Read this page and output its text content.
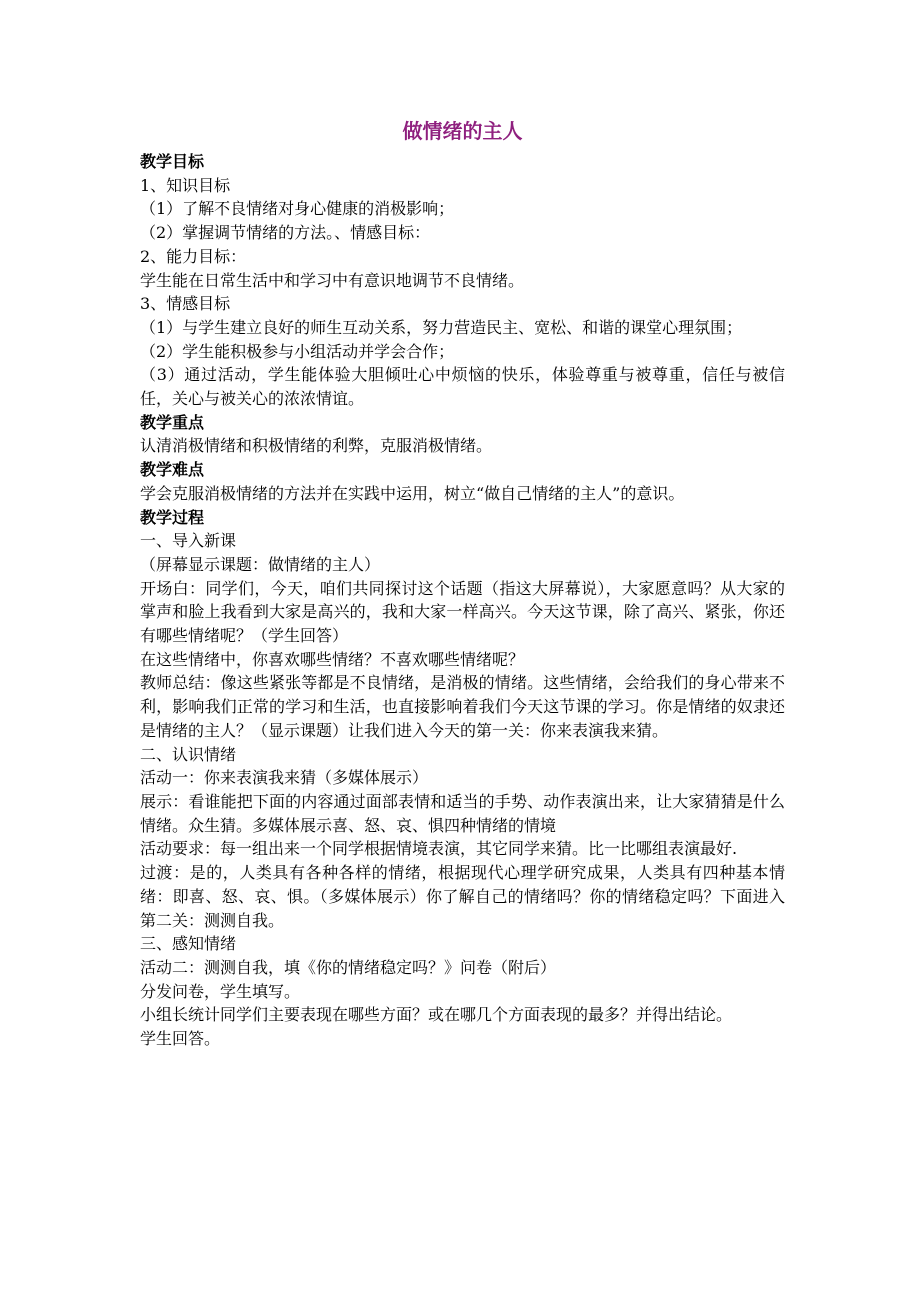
做情绪的主人

教学目标

1、知识目标

（1）了解不良情绪对身心健康的消极影响；

（2）掌握调节情绪的方法。、情感目标：

2、能力目标：

学生能在日常生活中和学习中有意识地调节不良情绪。

3、情感目标

（1）与学生建立良好的师生互动关系，努力营造民主、宽松、和谐的课堂心理氛围；

（2）学生能积极参与小组活动并学会合作；

（3）通过活动，学生能体验大胆倾吐心中烦恼的快乐，体验尊重与被尊重，信任与被信任，关心与被关心的浓浓情谊。

教学重点

认清消极情绪和积极情绪的利弊，克服消极情绪。

教学难点

学会克服消极情绪的方法并在实践中运用，树立“做自己情绪的主人”的意识。

教学过程

一、导入新课

（屏幕显示课题：做情绪的主人）

开场白：同学们，今天，咱们共同探讨这个话题（指这大屏幕说），大家愿意吗？从大家的掌声和脸上我看到大家是高兴的，我和大家一样高兴。今天这节课，除了高兴、紧张，你还有哪些情绪呢？（学生回答）

在这些情绪中，你喜欢哪些情绪？不喜欢哪些情绪呢？

教师总结：像这些紧张等都是不良情绪，是消极的情绪。这些情绪，会给我们的身心带来不利，影响我们正常的学习和生活，也直接影响着我们今天这节课的学习。你是情绪的奴隶还是情绪的主人？（显示课题）让我们进入今天的第一关：你来表演我来猜。

二、认识情绪

活动一：你来表演我来猜（多媒体展示）

展示：看谁能把下面的内容通过面部表情和适当的手势、动作表演出来，让大家猜猜是什么情绪。众生猜。多媒体展示喜、怒、哀、惧四种情绪的情境

活动要求：每一组出来一个同学根据情境表演，其它同学来猜。比一比哪组表演最好.

过渡：是的，人类具有各种各样的情绪，根据现代心理学研究成果，人类具有四种基本情绪：即喜、怒、哀、惧。（多媒体展示）你了解自己的情绪吗？你的情绪稳定吗？下面进入第二关：测测自我。

三、感知情绪

活动二：测测自我，填《你的情绪稳定吗？》问卷（附后）

分发问卷，学生填写。

小组长统计同学们主要表现在哪些方面？或在哪几个方面表现的最多？并得出结论。

学生回答。
